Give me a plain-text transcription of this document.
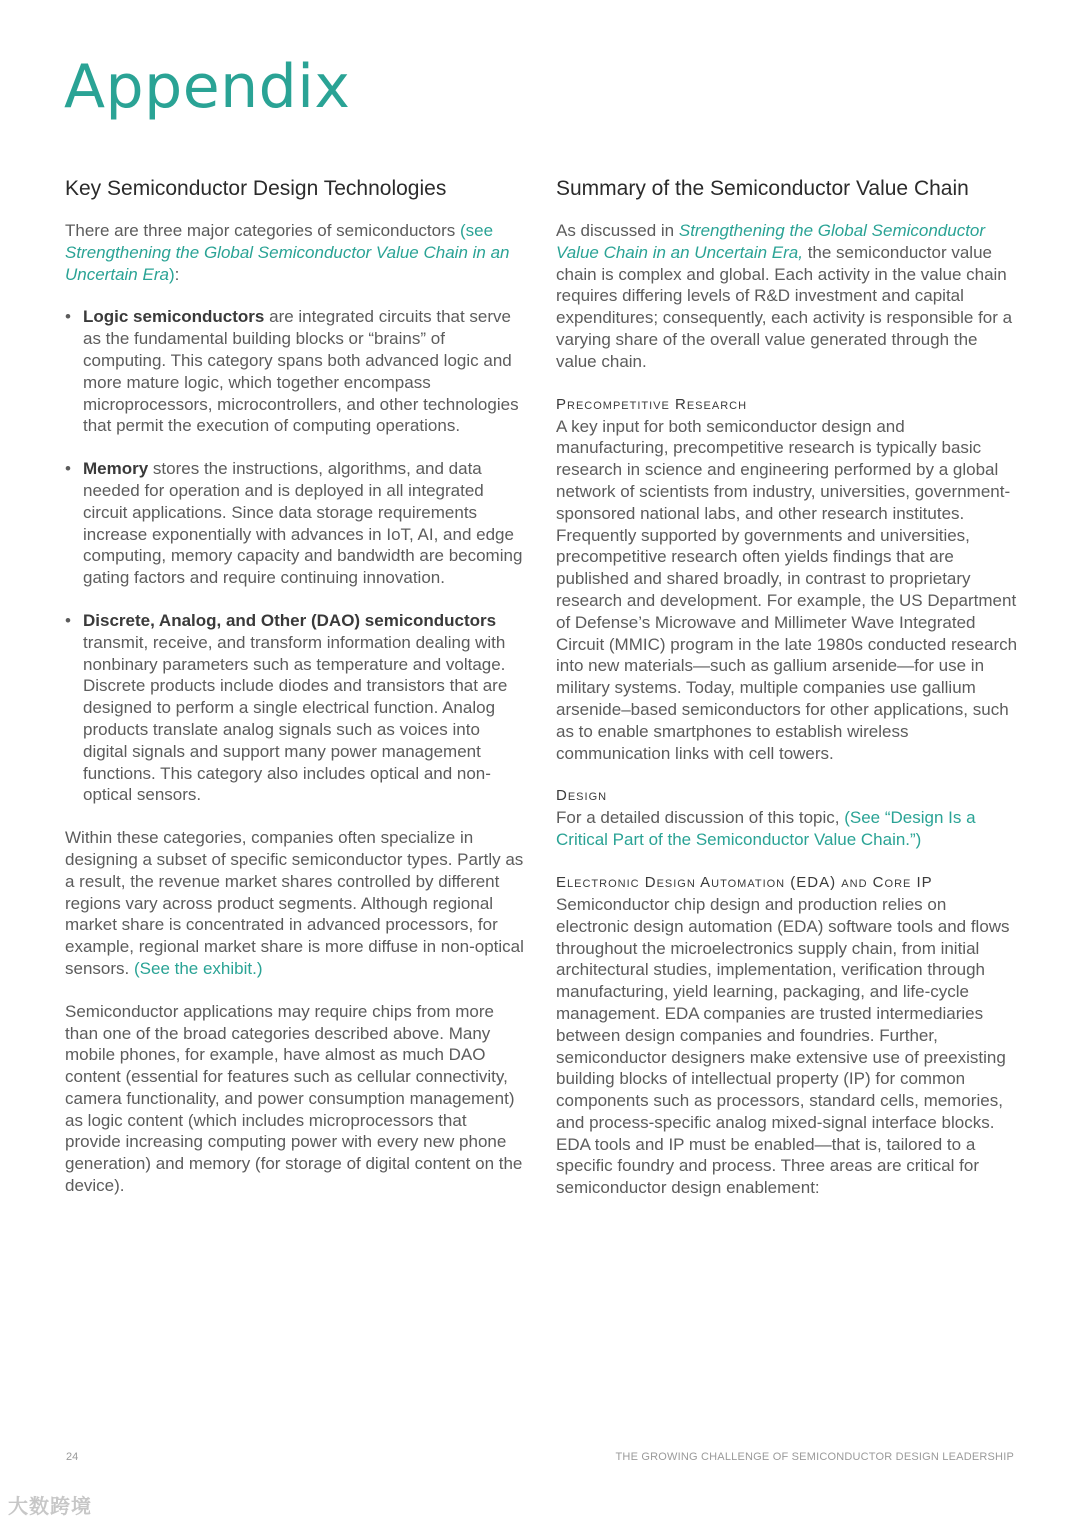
Appendix
Key Semiconductor Design Technologies

There are three major categories of semiconductors (see Strengthening the Global Semiconductor Value Chain in an Uncertain Era):

• Logic semiconductors are integrated circuits that serve as the fundamental building blocks or “brains” of computing. This category spans both advanced logic and more mature logic, which together encompass microprocessors, microcontrollers, and other technologies that permit the execution of computing operations.
• Memory stores the instructions, algorithms, and data needed for operation and is deployed in all integrated circuit applications. Since data storage requirements increase exponentially with advances in IoT, AI, and edge computing, memory capacity and bandwidth are becoming gating factors and require continuing innovation.
• Discrete, Analog, and Other (DAO) semiconductors transmit, receive, and transform information dealing with nonbinary parameters such as temperature and voltage. Discrete products include diodes and transistors that are designed to perform a single electrical function. Analog products translate analog signals such as voices into digital signals and support many power management functions. This category also includes optical and non-optical sensors.

Within these categories, companies often specialize in designing a subset of specific semiconductor types. Partly as a result, the revenue market shares controlled by different regions vary across product segments. Although regional market share is concentrated in advanced processors, for example, regional market share is more diffuse in non-optical sensors. (See the exhibit.)

Semiconductor applications may require chips from more than one of the broad categories described above. Many mobile phones, for example, have almost as much DAO content (essential for features such as cellular connectivity, camera functionality, and power consumption management) as logic content (which includes microprocessors that provide increasing computing power with every new phone generation) and memory (for storage of digital content on the device).

Summary of the Semiconductor Value Chain

As discussed in Strengthening the Global Semiconductor Value Chain in an Uncertain Era, the semiconductor value chain is complex and global. Each activity in the value chain requires differing levels of R&D investment and capital expenditures; consequently, each activity is responsible for a varying share of the overall value generated through the value chain.

Precompetitive Research

A key input for both semiconductor design and manufacturing, precompetitive research is typically basic research in science and engineering performed by a global network of scientists from industry, universities, government-sponsored national labs, and other research institutes. Frequently supported by governments and universities, precompetitive research often yields findings that are published and shared broadly, in contrast to proprietary research and development. For example, the US Department of Defense’s Microwave and Millimeter Wave Integrated Circuit (MMIC) program in the late 1980s conducted research into new materials—such as gallium arsenide—for use in military systems. Today, multiple companies use gallium arsenide–based semiconductors for other applications, such as to enable smartphones to establish wireless communication links with cell towers.

Design

For a detailed discussion of this topic, (See “Design Is a Critical Part of the Semiconductor Value Chain.”)

Electronic Design Automation (EDA) and Core IP

Semiconductor chip design and production relies on electronic design automation (EDA) software tools and flows throughout the microelectronics supply chain, from initial architectural studies, implementation, verification through manufacturing, yield learning, packaging, and life-cycle management. EDA companies are trusted intermediaries between design companies and foundries. Further, semiconductor designers make extensive use of preexisting building blocks of intellectual property (IP) for common components such as processors, standard cells, memories, and process-specific analog mixed-signal interface blocks. EDA tools and IP must be enabled—that is, tailored to a specific foundry and process. Three areas are critical for semiconductor design enablement:

24	THE GROWING CHALLENGE OF SEMICONDUCTOR DESIGN LEADERSHIP
大数跨境
